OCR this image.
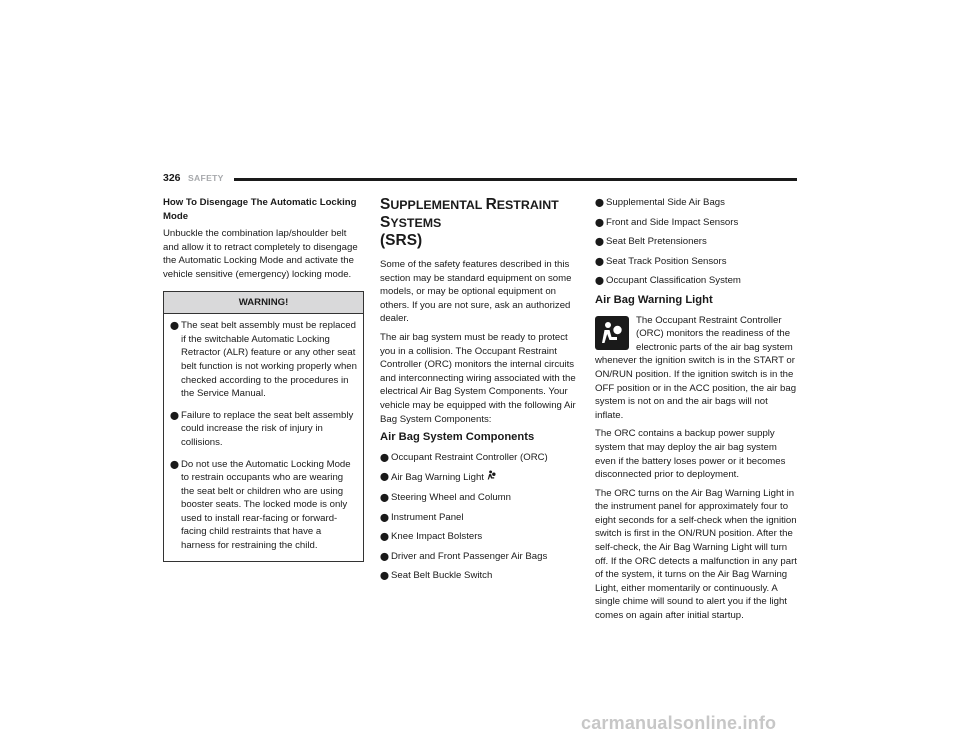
326 SAFETY
How To Disengage The Automatic Locking Mode

Unbuckle the combination lap/shoulder belt and allow it to retract completely to disengage the Automatic Locking Mode and activate the vehicle sensitive (emergency) locking mode.

WARNING!
⬤ The seat belt assembly must be replaced if the switchable Automatic Locking Retractor (ALR) feature or any other seat belt function is not working properly when checked according to the procedures in the Service Manual.
⬤ Failure to replace the seat belt assembly could increase the risk of injury in collisions.
⬤ Do not use the Automatic Locking Mode to restrain occupants who are wearing the seat belt or children who are using booster seats. The locked mode is only used to install rear-facing or forward-facing child restraints that have a harness for restraining the child.
SUPPLEMENTAL RESTRAINT SYSTEMS
(SRS)

Some of the safety features described in this section may be standard equipment on some models, or may be optional equipment on others. If you are not sure, ask an authorized dealer.

The air bag system must be ready to protect you in a collision. The Occupant Restraint Controller (ORC) monitors the internal circuits and interconnecting wiring associated with the electrical Air Bag System Components. Your vehicle may be equipped with the following Air Bag System Components:

Air Bag System Components
⬤ Occupant Restraint Controller (ORC)
⬤ Air Bag Warning Light
⬤ Steering Wheel and Column
⬤ Instrument Panel
⬤ Knee Impact Bolsters
⬤ Driver and Front Passenger Air Bags
⬤ Seat Belt Buckle Switch
⬤ Supplemental Side Air Bags
⬤ Front and Side Impact Sensors
⬤ Seat Belt Pretensioners
⬤ Seat Track Position Sensors
⬤ Occupant Classification System
Air Bag Warning Light

The Occupant Restraint Controller (ORC) monitors the readiness of the electronic parts of the air bag system whenever the ignition switch is in the START or ON/RUN position. If the ignition switch is in the OFF position or in the ACC position, the air bag system is not on and the air bags will not inflate.

The ORC contains a backup power supply system that may deploy the air bag system even if the battery loses power or it becomes disconnected prior to deployment.

The ORC turns on the Air Bag Warning Light in the instrument panel for approximately four to eight seconds for a self-check when the ignition switch is first in the ON/RUN position. After the self-check, the Air Bag Warning Light will turn off. If the ORC detects a malfunction in any part of the system, it turns on the Air Bag Warning Light, either momentarily or continuously. A single chime will sound to alert you if the light comes on again after initial startup.

carmanualsonline.info
